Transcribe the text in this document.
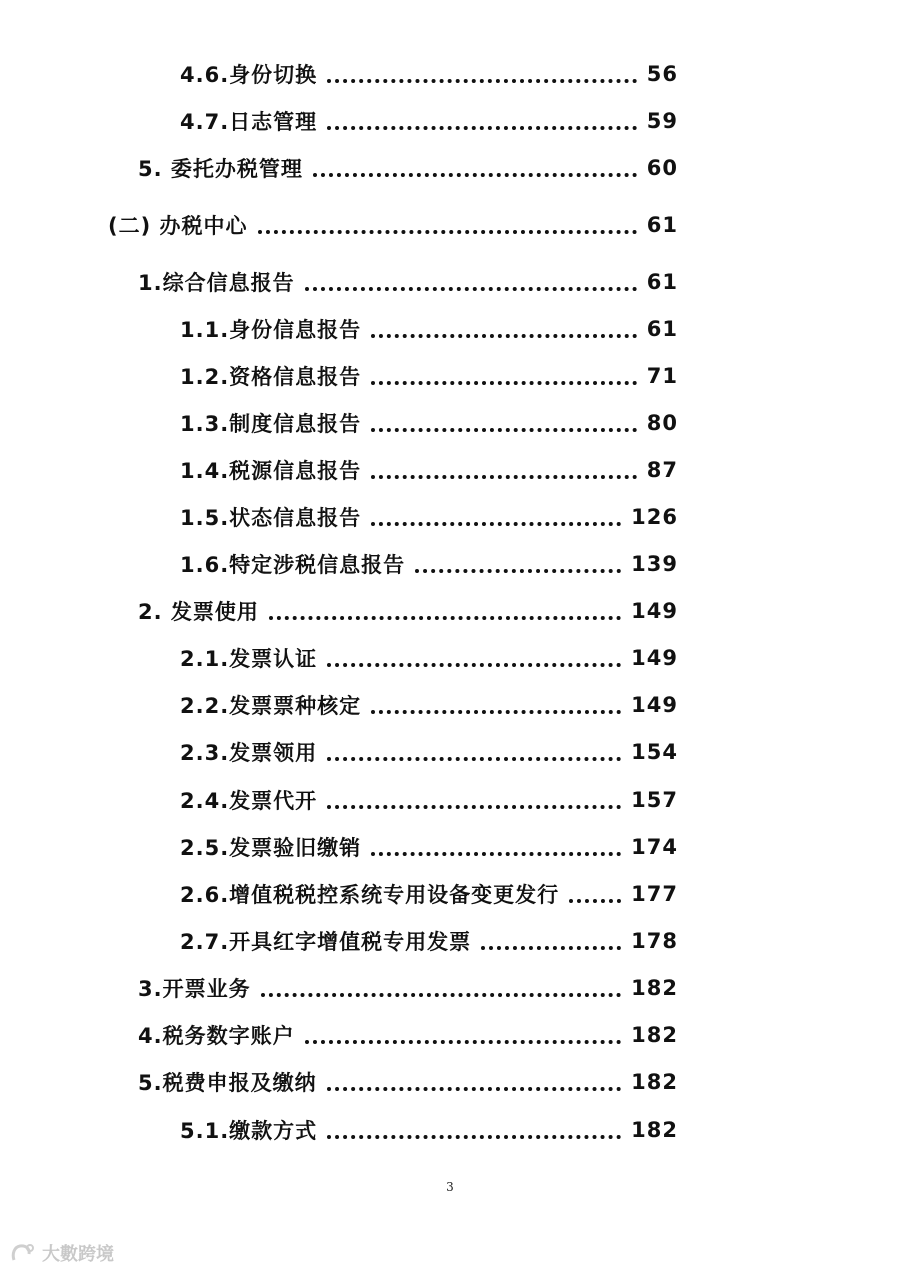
4.6.身份切换	56
4.7.日志管理	59
5. 委托办税管理	60
(二) 办税中心	61
1.综合信息报告	61
1.1.身份信息报告	61
1.2.资格信息报告	71
1.3.制度信息报告	80
1.4.税源信息报告	87
1.5.状态信息报告	126
1.6.特定涉税信息报告	139
2. 发票使用	149
2.1.发票认证	149
2.2.发票票种核定	149
2.3.发票领用	154
2.4.发票代开	157
2.5.发票验旧缴销	174
2.6.增值税税控系统专用设备变更发行	177
2.7.开具红字增值税专用发票	178
3.开票业务	182
4.税务数字账户	182
5.税费申报及缴纳	182
5.1.缴款方式	182
3
大數跨境
